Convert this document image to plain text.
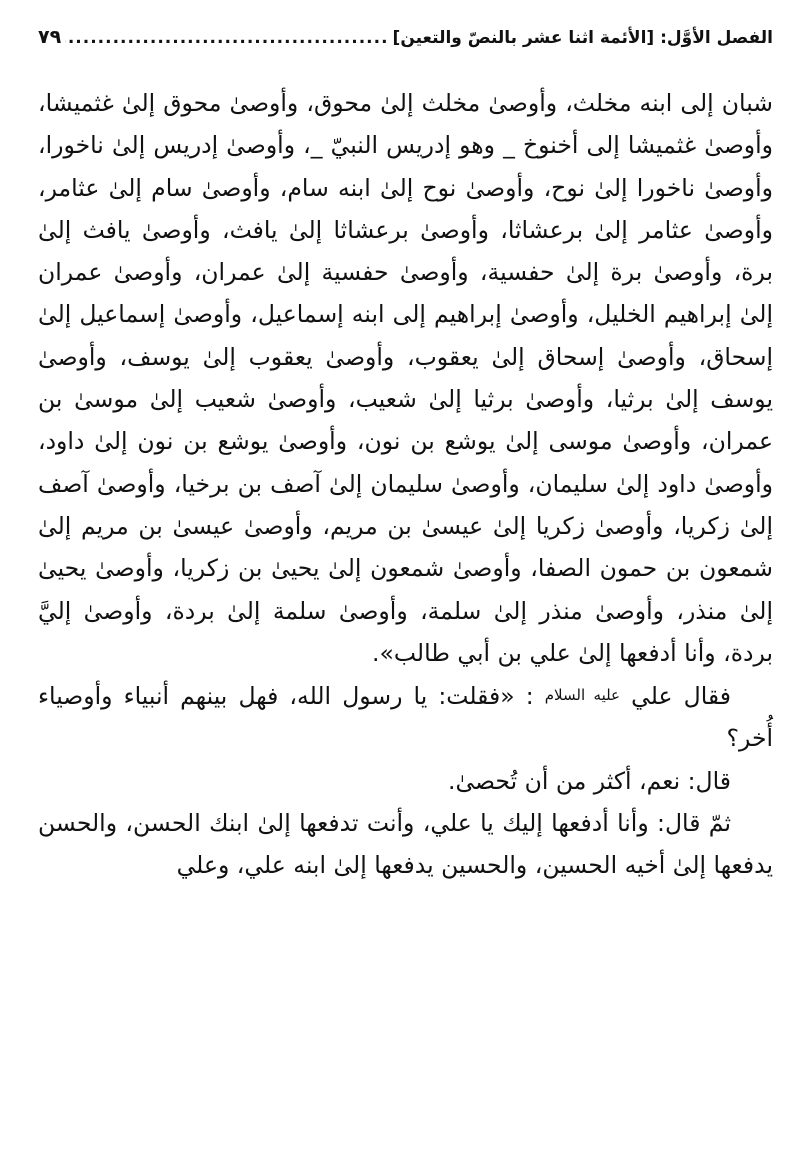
الفصل الأوَّل: [الأئمة اثنا عشر بالنصّ والتعين]
.....
٧٩

شبان إلى ابنه مخلث، وأوصىٰ مخلث إلىٰ محوق، وأوصىٰ محوق إلىٰ غثميشا، وأوصىٰ غثميشا إلى أخنوخ _ وهو إدريس النبيّ _، وأوصىٰ إدريس إلىٰ ناخورا، وأوصىٰ ناخورا إلىٰ نوح، وأوصىٰ نوح إلىٰ ابنه سام، وأوصىٰ سام إلىٰ عثامر، وأوصىٰ عثامر إلىٰ برعشاثا، وأوصىٰ برعشاثا إلىٰ يافث، وأوصىٰ يافث إلىٰ برة، وأوصىٰ برة إلىٰ حفسية، وأوصىٰ حفسية إلىٰ عمران، وأوصىٰ عمران إلىٰ إبراهيم الخليل، وأوصىٰ إبراهيم إلى ابنه إسماعيل، وأوصىٰ إسماعيل إلىٰ إسحاق، وأوصىٰ إسحاق إلىٰ يعقوب، وأوصىٰ يعقوب إلىٰ يوسف، وأوصىٰ يوسف إلىٰ برثيا، وأوصىٰ برثيا إلىٰ شعيب، وأوصىٰ شعيب إلىٰ موسىٰ بن عمران، وأوصىٰ موسى إلىٰ يوشع بن نون، وأوصىٰ يوشع بن نون إلىٰ داود، وأوصىٰ داود إلىٰ سليمان، وأوصىٰ سليمان إلىٰ آصف بن برخيا، وأوصىٰ آصف إلىٰ زكريا، وأوصىٰ زكريا إلىٰ عيسىٰ بن مريم، وأوصىٰ عيسىٰ بن مريم إلىٰ شمعون بن حمون الصفا، وأوصىٰ شمعون إلىٰ يحيىٰ بن زكريا، وأوصىٰ يحيىٰ إلىٰ منذر، وأوصىٰ منذر إلىٰ سلمة، وأوصىٰ سلمة إلىٰ بردة، وأوصىٰ إليَّ بردة، وأنا أدفعها إلىٰ علي بن أبي طالب».

فقال علي عليه السلام : «فقلت: يا رسول الله، فهل بينهم أنبياء وأوصياء أُخر؟

قال: نعم، أكثر من أن تُحصىٰ.

ثمّ قال: وأنا أدفعها إليك يا علي، وأنت تدفعها إلىٰ ابنك الحسن، والحسن يدفعها إلىٰ أخيه الحسين، والحسين يدفعها إلىٰ ابنه علي، وعلي
